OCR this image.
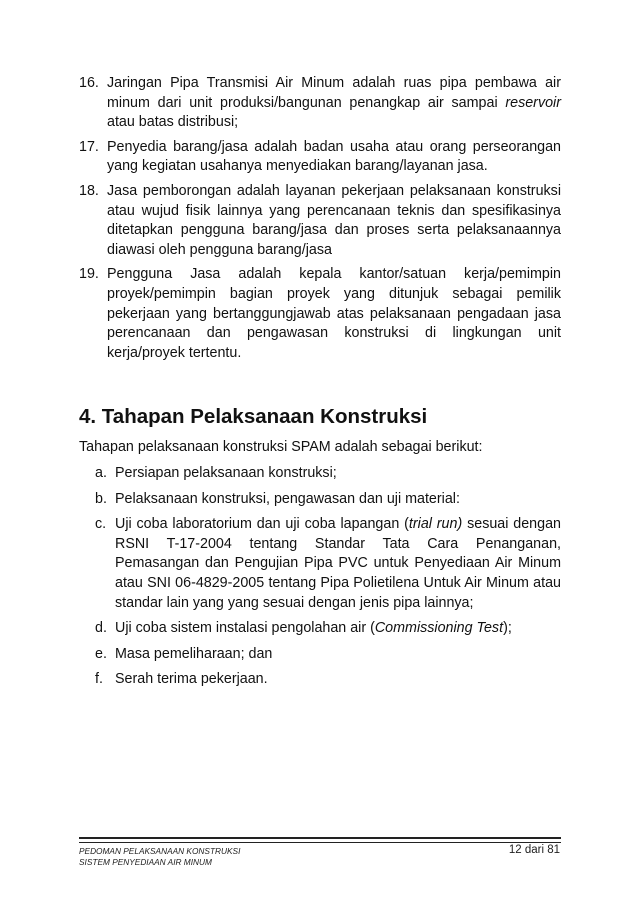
16. Jaringan Pipa Transmisi Air Minum adalah ruas pipa pembawa air minum dari unit produksi/bangunan penangkap air sampai reservoir atau batas distribusi;
17. Penyedia barang/jasa adalah badan usaha atau orang perseorangan yang kegiatan usahanya menyediakan barang/layanan jasa.
18. Jasa pemborongan adalah layanan pekerjaan pelaksanaan konstruksi atau wujud fisik lainnya yang perencanaan teknis dan spesifikasinya ditetapkan pengguna barang/jasa dan proses serta pelaksanaannya diawasi oleh pengguna barang/jasa
19. Pengguna Jasa adalah kepala kantor/satuan kerja/pemimpin proyek/pemimpin bagian proyek yang ditunjuk sebagai pemilik pekerjaan yang bertanggungjawab atas pelaksanaan pengadaan jasa perencanaan dan pengawasan konstruksi di lingkungan unit kerja/proyek tertentu.
4. Tahapan Pelaksanaan Konstruksi
Tahapan pelaksanaan konstruksi SPAM adalah sebagai berikut:
a. Persiapan pelaksanaan konstruksi;
b. Pelaksanaan konstruksi, pengawasan dan uji material:
c. Uji coba laboratorium dan uji coba lapangan (trial run) sesuai dengan RSNI T-17-2004 tentang Standar Tata Cara Penanganan, Pemasangan dan Pengujian Pipa PVC untuk Penyediaan Air Minum atau SNI 06-4829-2005 tentang Pipa Polietilena Untuk Air Minum atau standar lain yang yang sesuai dengan jenis pipa lainnya;
d. Uji coba sistem instalasi pengolahan air (Commissioning Test);
e. Masa pemeliharaan; dan
f. Serah terima pekerjaan.
PEDOMAN PELAKSANAAN KONSTRUKSI
SISTEM PENYEDIAAN AIR MINUM
12 dari 81
